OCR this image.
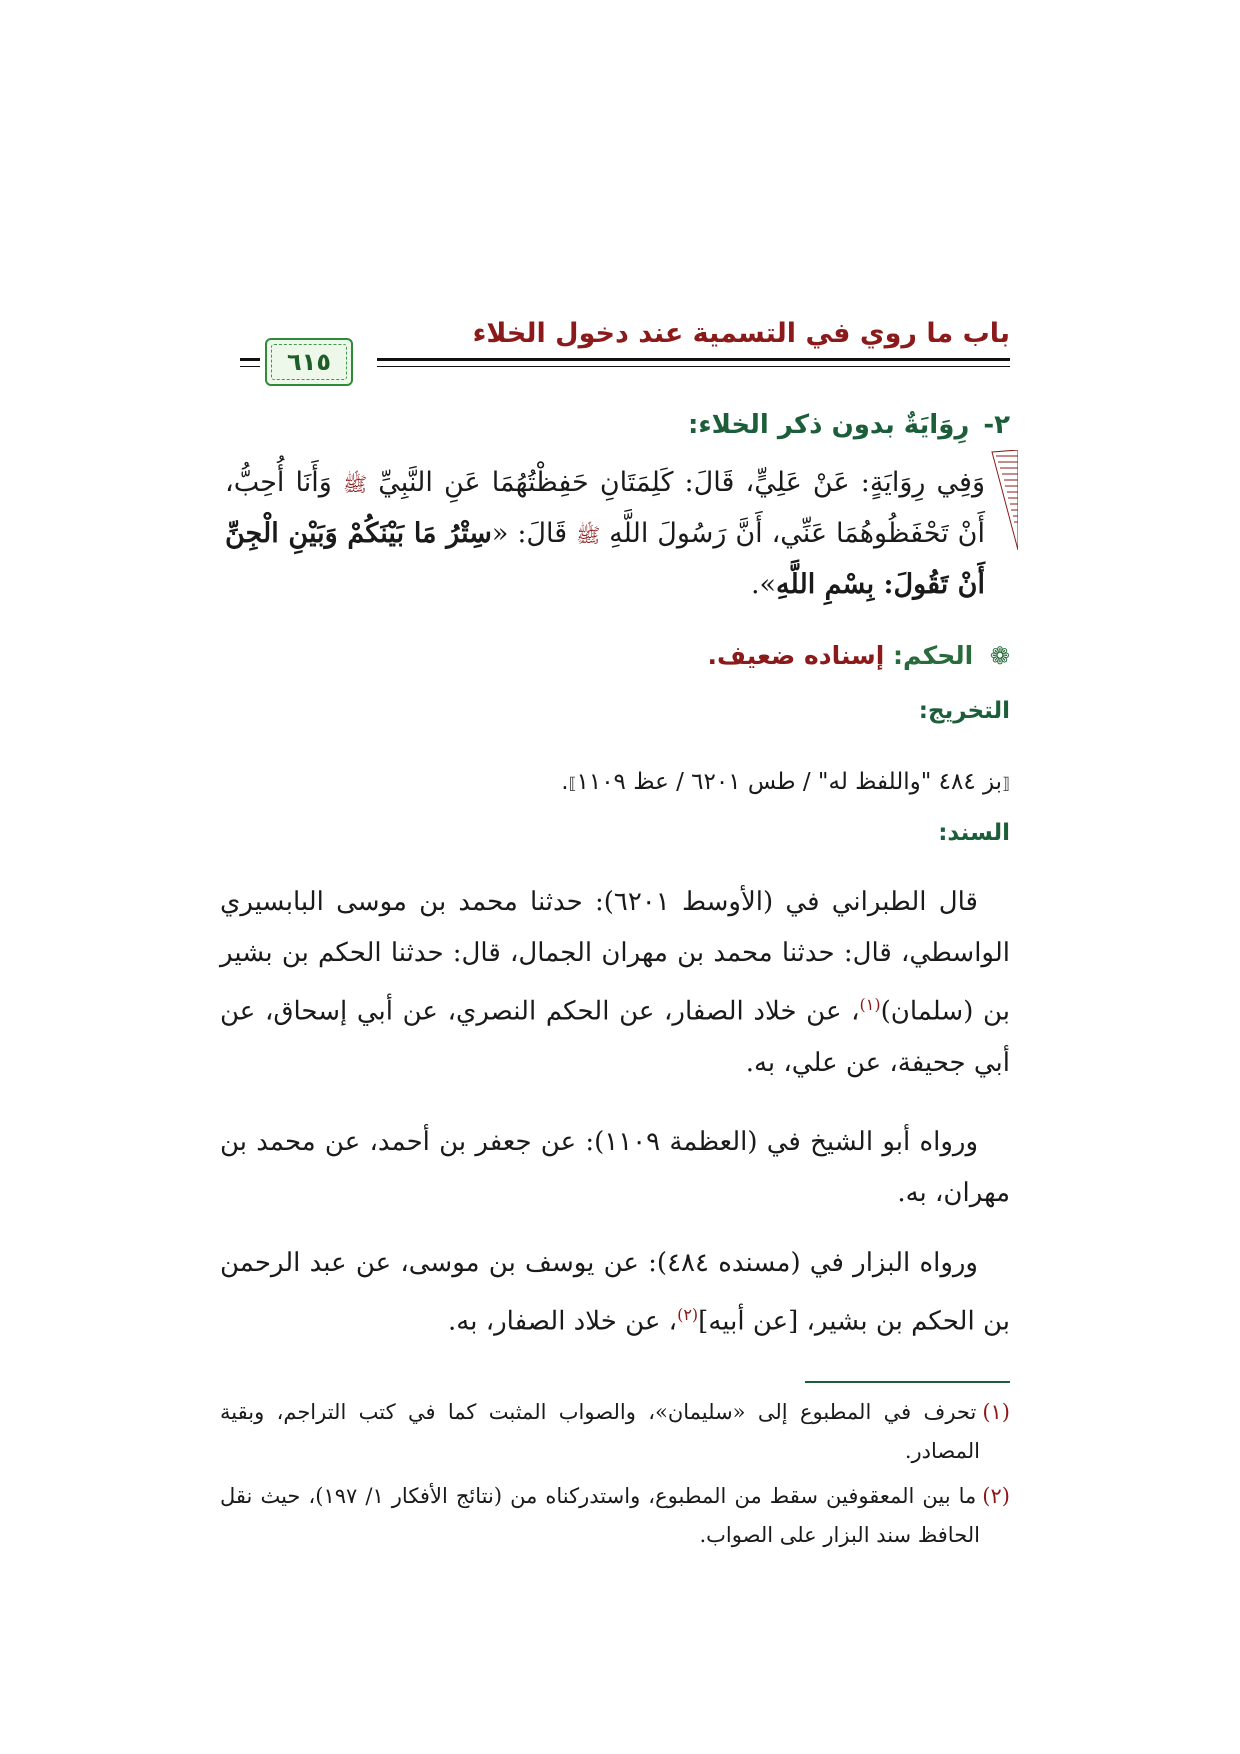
باب ما روي في التسمية عند دخول الخلاء
٦١٥
٢-رِوَايَةٌ بدون ذكر الخلاء:
وَفِي رِوَايَةٍ: عَنْ عَلِيٍّ، قَالَ: كَلِمَتَانِ حَفِظْتُهُمَا عَنِ النَّبِيِّ ﷺ وَأَنَا أُحِبُّ، أَنْ تَحْفَظُوهُمَا عَنِّي، أَنَّ رَسُولَ اللَّهِ ﷺ قَالَ: «سِتْرُ مَا بَيْنَكُمْ وَبَيْنِ الْجِنِّ أَنْ تَقُولَ: بِسْمِ اللَّهِ».
❁ الحكم: إسناده ضعيف.
التخريج:
⟦بز ٤٨٤ "واللفظ له" / طس ٦٢٠١ / عظ ١١٠٩⟧.
السند:

قال الطبراني في (الأوسط ٦٢٠١): حدثنا محمد بن موسى البابسيري الواسطي، قال: حدثنا محمد بن مهران الجمال، قال: حدثنا الحكم بن بشير بن (سلمان)$^{(١)}$، عن خلاد الصفار، عن الحكم النصري، عن أبي إسحاق، عن أبي جحيفة، عن علي، به.

ورواه أبو الشيخ في (العظمة ١١٠٩): عن جعفر بن أحمد، عن محمد بن مهران، به.

ورواه البزار في (مسنده ٤٨٤): عن يوسف بن موسى، عن عبد الرحمن بن الحكم بن بشير، [عن أبيه]$^{(٢)}$، عن خلاد الصفار، به.

(١)تحرف في المطبوع إلى «سليمان»، والصواب المثبت كما في كتب التراجم، وبقية المصادر.

(٢)ما بين المعقوفين سقط من المطبوع، واستدركناه من (نتائج الأفكار ١/ ١٩٧)، حيث نقل الحافظ سند البزار على الصواب.
